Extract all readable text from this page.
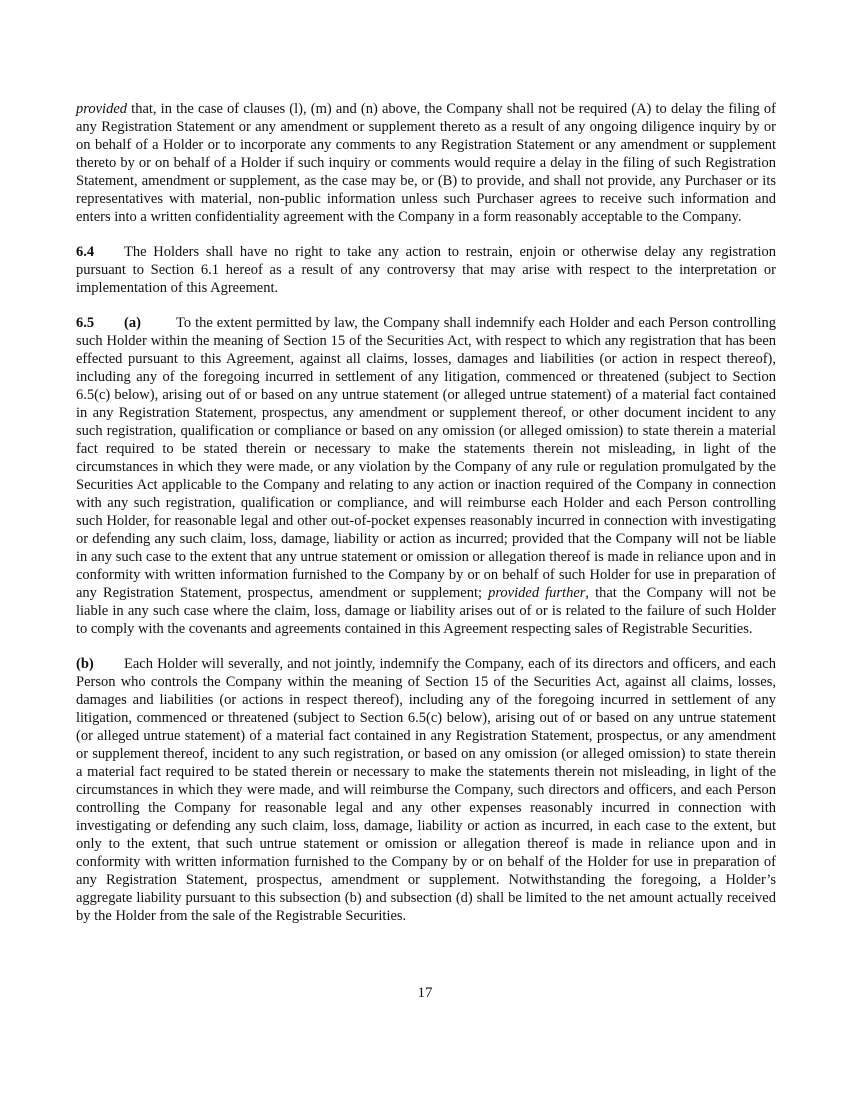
provided that, in the case of clauses (l), (m) and (n) above, the Company shall not be required (A) to delay the filing of any Registration Statement or any amendment or supplement thereto as a result of any ongoing diligence inquiry by or on behalf of a Holder or to incorporate any comments to any Registration Statement or any amendment or supplement thereto by or on behalf of a Holder if such inquiry or comments would require a delay in the filing of such Registration Statement, amendment or supplement, as the case may be, or (B) to provide, and shall not provide, any Purchaser or its representatives with material, non-public information unless such Purchaser agrees to receive such information and enters into a written confidentiality agreement with the Company in a form reasonably acceptable to the Company.

6.4 The Holders shall have no right to take any action to restrain, enjoin or otherwise delay any registration pursuant to Section 6.1 hereof as a result of any controversy that may arise with respect to the interpretation or implementation of this Agreement.

6.5 (a) To the extent permitted by law, the Company shall indemnify each Holder and each Person controlling such Holder within the meaning of Section 15 of the Securities Act, with respect to which any registration that has been effected pursuant to this Agreement, against all claims, losses, damages and liabilities (or action in respect thereof), including any of the foregoing incurred in settlement of any litigation, commenced or threatened (subject to Section 6.5(c) below), arising out of or based on any untrue statement (or alleged untrue statement) of a material fact contained in any Registration Statement, prospectus, any amendment or supplement thereof, or other document incident to any such registration, qualification or compliance or based on any omission (or alleged omission) to state therein a material fact required to be stated therein or necessary to make the statements therein not misleading, in light of the circumstances in which they were made, or any violation by the Company of any rule or regulation promulgated by the Securities Act applicable to the Company and relating to any action or inaction required of the Company in connection with any such registration, qualification or compliance, and will reimburse each Holder and each Person controlling such Holder, for reasonable legal and other out-of-pocket expenses reasonably incurred in connection with investigating or defending any such claim, loss, damage, liability or action as incurred; provided that the Company will not be liable in any such case to the extent that any untrue statement or omission or allegation thereof is made in reliance upon and in conformity with written information furnished to the Company by or on behalf of such Holder for use in preparation of any Registration Statement, prospectus, amendment or supplement; provided further, that the Company will not be liable in any such case where the claim, loss, damage or liability arises out of or is related to the failure of such Holder to comply with the covenants and agreements contained in this Agreement respecting sales of Registrable Securities.

(b) Each Holder will severally, and not jointly, indemnify the Company, each of its directors and officers, and each Person who controls the Company within the meaning of Section 15 of the Securities Act, against all claims, losses, damages and liabilities (or actions in respect thereof), including any of the foregoing incurred in settlement of any litigation, commenced or threatened (subject to Section 6.5(c) below), arising out of or based on any untrue statement (or alleged untrue statement) of a material fact contained in any Registration Statement, prospectus, or any amendment or supplement thereof, incident to any such registration, or based on any omission (or alleged omission) to state therein a material fact required to be stated therein or necessary to make the statements therein not misleading, in light of the circumstances in which they were made, and will reimburse the Company, such directors and officers, and each Person controlling the Company for reasonable legal and any other expenses reasonably incurred in connection with investigating or defending any such claim, loss, damage, liability or action as incurred, in each case to the extent, but only to the extent, that such untrue statement or omission or allegation thereof is made in reliance upon and in conformity with written information furnished to the Company by or on behalf of the Holder for use in preparation of any Registration Statement, prospectus, amendment or supplement. Notwithstanding the foregoing, a Holder’s aggregate liability pursuant to this subsection (b) and subsection (d) shall be limited to the net amount actually received by the Holder from the sale of the Registrable Securities.

17
